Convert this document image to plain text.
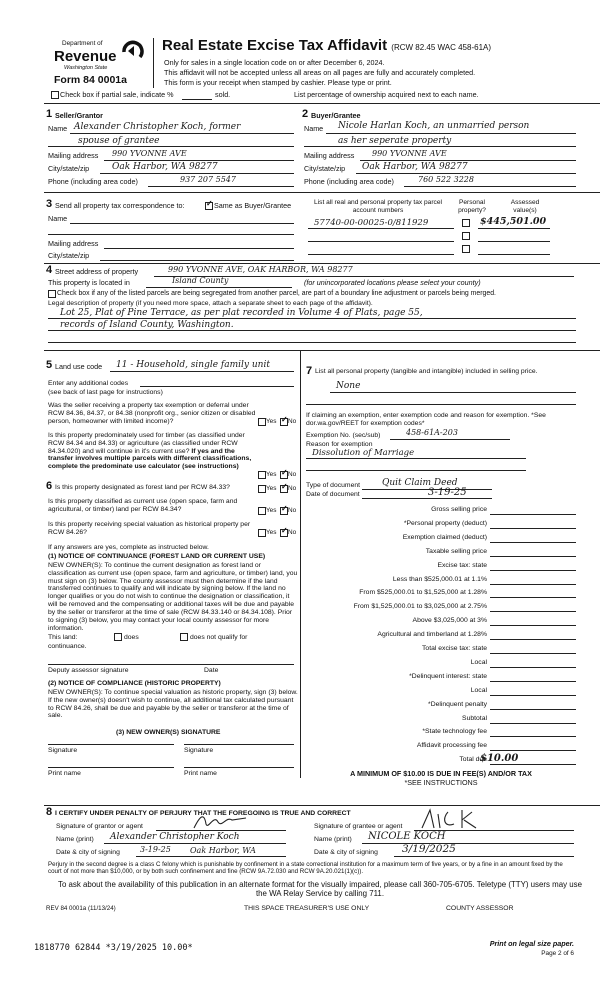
Department of
Revenue
Washington State
Form 84 0001a
Real Estate Excise Tax Affidavit (RCW 82.45 WAC 458-61A)
Only for sales in a single location code on or after December 6, 2024.
This affidavit will not be accepted unless all areas on all pages are fully and accurately completed.
This form is your receipt when stamped by cashier. Please type or print.
Check box if partial sale, indicate %	sold.	List percentage of ownership acquired next to each name.
1 Seller/Grantor
Name Alexander Christopher Koch, former
spouse of grantee
Mailing address 990 YVONNE AVE
City/state/zip	Oak Harbor, WA 98277
Phone (including area code)	937 207 5547
2 Buyer/Grantee
Name Nicole Harlan Koch, an unmarried person
as her seperate property
Mailing address 990 YVONNE AVE
City/state/zip Oak Harbor, WA 98277
Phone (including area code)	760 522 3228
3 Send all property tax correspondence to: ✓	Same as Buyer/Grantee
Name
Mailing address
City/state/zip
List all real and personal property tax parcel account numbers
Personal property?
Assessed value(s)
57740-00-00025-0/811929	$445,501.00
4 Street address of property	990 YVONNE AVE, OAK HARBOR, WA 98277
This property is located in	Island County	(for unincorporated locations please select your county)
Check box if any of the listed parcels are being segregated from another parcel, are part of a boundary line adjustment or parcels being merged.
Legal description of property (if you need more space, attach a separate sheet to each page of the affidavit).
Lot 25, Plat of Pine Terrace, as per plat recorded in Volume 4 of Plats, page 55,
records of Island County, Washington.
5 Land use code 11 - Household, single family unit
Enter any additional codes
(see back of last page for instructions)
Was the seller receiving a property tax exemption or deferral under RCW 84.36, 84.37, or 84.38 (nonprofit org., senior citizen or disabled person, homeowner with limited income)?	Yes ✓ No
Is this property predominately used for timber (as classified under RCW 84.34 and 84.33) or agriculture (as classified under RCW 84.34.020) and will continue in it's current use? If yes and the transfer involves multiple parcels with different classifications, complete the predominate use calculator (see instructions)
Yes ✓ No
6 Is this property designated as forest land per RCW 84.33?	Yes ✓ No
Is this property classified as current use (open space, farm and agricultural, or timber) land per RCW 84.34?	Yes ✓ No
Is this property receiving special valuation as historical property per RCW 84.26?	Yes ✓ No
If any answers are yes, complete as instructed below.
(1) NOTICE OF CONTINUANCE (FOREST LAND OR CURRENT USE)
NEW OWNER(S): To continue the current designation as forest land or classification as current use (open space, farm and agriculture, or timber) land, you must sign on (3) below. The county assessor must then determine if the land transferred continues to qualify and will indicate by signing below. If the land no longer qualifies or you do not wish to continue the designation or classification, it will be removed and the compensating or additional taxes will be due and payable by the seller or transferor at the time of sale (RCW 84.33.140 or 84.34.108). Prior to signing (3) below, you may contact your local county assessor for more information.
This land:
continuance.
does	does not qualify for
Deputy assessor signature	Date
(2) NOTICE OF COMPLIANCE (HISTORIC PROPERTY)
NEW OWNER(S): To continue special valuation as historic property, sign (3) below. If the new owner(s) doesn't wish to continue, all additional tax calculated pursuant to RCW 84.26, shall be due and payable by the seller or transferor at the time of sale.
(3) NEW OWNER(S) SIGNATURE
Signature	Signature
Print name	Print name
7 List all personal property (tangible and intangible) included in selling price.
None
If claiming an exemption, enter exemption code and reason for exemption. *See dor.wa.gov/REET for exemption codes*
Exemption No. (sec/sub)	458-61A-203
Reason for exemption
Dissolution of Marriage
Type of document Quit Claim Deed
Date of document	3-19-25
Gross selling price
*Personal property (deduct)
Exemption claimed (deduct)
Taxable selling price
Excise tax: state
Less than $525,000.01 at 1.1%
From $525,000.01 to $1,525,000 at 1.28%
From $1,525,000.01 to $3,025,000 at 2.75%
Above $3,025,000 at 3%
Agricultural and timberland at 1.28%
Total excise tax: state
Local
*Delinquent interest: state
Local
*Delinquent penalty
Subtotal
*State technology fee
Affidavit processing fee
Total due
$10.00
A MINIMUM OF $10.00 IS DUE IN FEE(S) AND/OR TAX
*SEE INSTRUCTIONS
8 I CERTIFY UNDER PENALTY OF PERJURY THAT THE FOREGOING IS TRUE AND CORRECT
Signature of grantor or agent
Name (print) Alexander Christopher Koch
Date & city of signing	3-19-25 Oak Harbor, WA
Signature of grantee or agent
Name (print) NICOLE KOCH
Date & city of signing 3/19/2025
Perjury in the second degree is a class C felony which is punishable by confinement in a state correctional institution for a maximum term of five years, or by a fine in an amount fixed by the court of not more than $10,000, or by both such confinement and fine (RCW 9A.72.030 and RCW 9A.20.021(1)(c)).
To ask about the availability of this publication in an alternate format for the visually impaired, please call 360-705-6705. Teletype (TTY) users may use the WA Relay Service by calling 711.
REV 84 0001a (11/13/24)	THIS SPACE TREASURER'S USE ONLY	COUNTY ASSESSOR
1818770 62844 *3/19/2025 10.00*	Print on legal size paper.
Page 2 of 6
